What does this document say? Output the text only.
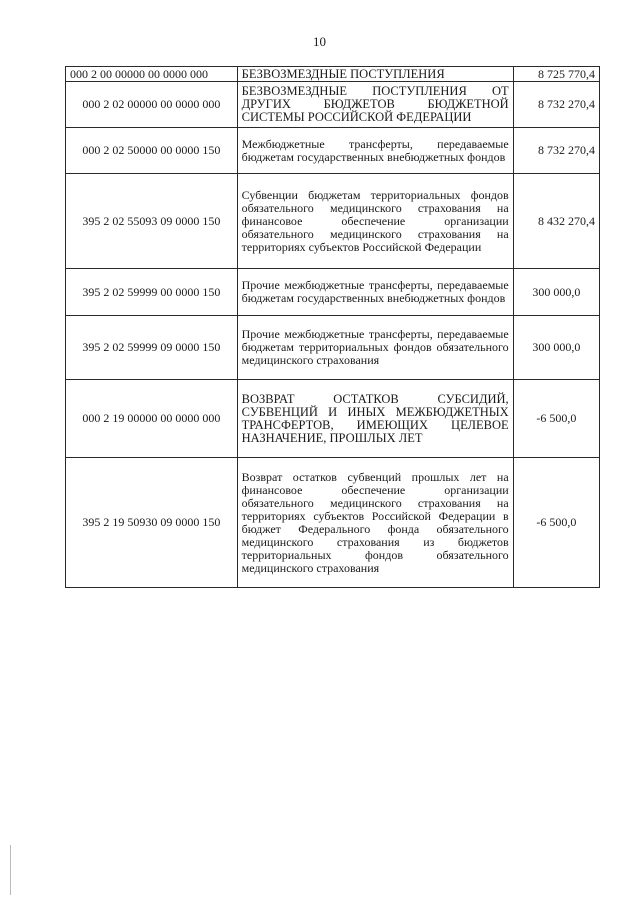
10
000 2 00 00000 00 0000 000	БЕЗВОЗМЕЗДНЫЕ ПОСТУПЛЕНИЯ	8 725 770,4
000 2 02 00000 00 0000 000	БЕЗВОЗМЕЗДНЫЕ ПОСТУПЛЕНИЯ ОТ ДРУГИХ БЮДЖЕТОВ БЮДЖЕТНОЙ СИСТЕМЫ РОССИЙСКОЙ ФЕДЕРАЦИИ	8 732 270,4
000 2 02 50000 00 0000 150	Межбюджетные трансферты, передаваемые бюджетам государственных внебюджетных фондов	8 732 270,4
395 2 02 55093 09 0000 150	Субвенции бюджетам территориальных фондов обязательного медицинского страхования на финансовое обеспечение организации обязательного медицинского страхования на территориях субъектов Российской Федерации	8 432 270,4
395 2 02 59999 00 0000 150	Прочие межбюджетные трансферты, передаваемые бюджетам государственных внебюджетных фондов	300 000,0
395 2 02 59999 09 0000 150	Прочие межбюджетные трансферты, передаваемые бюджетам территориальных фондов обязательного медицинского страхования	300 000,0
000 2 19 00000 00 0000 000	ВОЗВРАТ ОСТАТКОВ СУБСИДИЙ, СУБВЕНЦИЙ И ИНЫХ МЕЖБЮДЖЕТНЫХ ТРАНСФЕРТОВ, ИМЕЮЩИХ ЦЕЛЕВОЕ НАЗНАЧЕНИЕ, ПРОШЛЫХ ЛЕТ	-6 500,0
395 2 19 50930 09 0000 150	Возврат остатков субвенций прошлых лет на финансовое обеспечение организации обязательного медицинского страхования на территориях субъектов Российской Федерации в бюджет Федерального фонда обязательного медицинского страхования из бюджетов территориальных фондов обязательного медицинского страхования	-6 500,0
